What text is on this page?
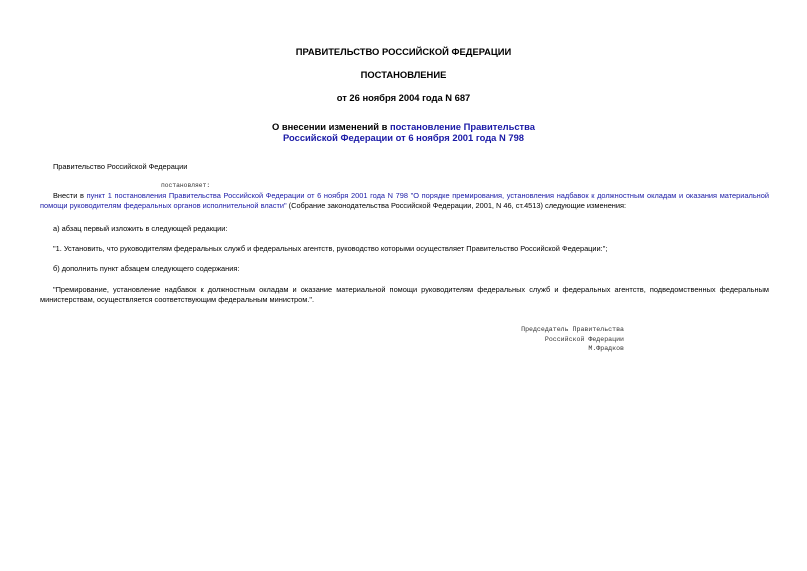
ПРАВИТЕЛЬСТВО РОССИЙСКОЙ ФЕДЕРАЦИИ
ПОСТАНОВЛЕНИЕ
от 26 ноября 2004 года N 687
О внесении изменений в постановление Правительства
Российской Федерации от 6 ноября 2001 года N 798
Правительство Российской Федерации
постановляет:
Внести в пункт 1 постановления Правительства Российской Федерации от 6 ноября 2001 года N 798 "О порядке премирования, установления надбавок к должностным окладам и оказания материальной помощи руководителям федеральных органов исполнительной власти" (Собрание законодательства Российской Федерации, 2001, N 46, ст.4513) следующие изменения:
а) абзац первый изложить в следующей редакции:
"1. Установить, что руководителям федеральных служб и федеральных агентств, руководство которыми осуществляет Правительство Российской Федерации:";
б) дополнить пункт абзацем следующего содержания:
"Премирование, установление надбавок к должностным окладам и оказание материальной помощи руководителям федеральных служб и федеральных агентств, подведомственных федеральным министерствам, осуществляется соответствующим федеральным министром.".
Председатель Правительства
Российской Федерации
М.Фрадков
